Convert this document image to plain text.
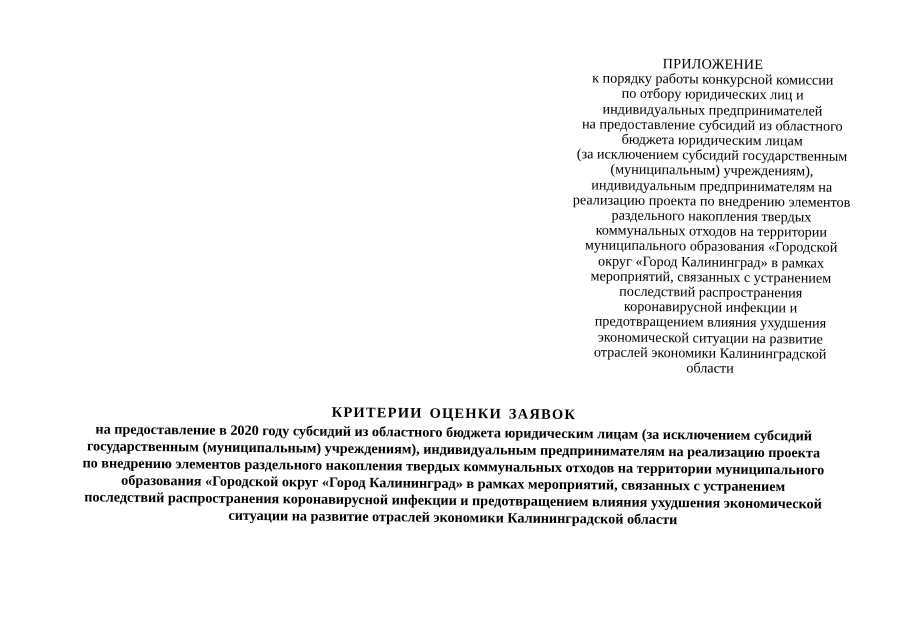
ПРИЛОЖЕНИЕ
к порядку работы конкурсной комиссии
по отбору юридических лиц и
индивидуальных предпринимателей
на предоставление субсидий из областного
бюджета юридическим лицам
(за исключением субсидий государственным
(муниципальным) учреждениям),
индивидуальным предпринимателям на
реализацию проекта по внедрению элементов
раздельного накопления твердых
коммунальных отходов на территории
муниципального образования «Городской
округ «Город Калининград» в рамках
мероприятий, связанных с устранением
последствий распространения
коронавирусной инфекции и
предотвращением влияния ухудшения
экономической ситуации на развитие
отраслей экономики Калининградской
области
КРИТЕРИИ ОЦЕНКИ ЗАЯВОК
на предоставление в 2020 году субсидий из областного бюджета юридическим лицам (за исключением субсидий
государственным (муниципальным) учреждениям), индивидуальным предпринимателям на реализацию проекта
по внедрению элементов раздельного накопления твердых коммунальных отходов на территории муниципального
образования «Городской округ «Город Калининград» в рамках мероприятий, связанных с устранением
последствий распространения коронавирусной инфекции и предотвращением влияния ухудшения экономической
ситуации на развитие отраслей экономики Калининградской области
